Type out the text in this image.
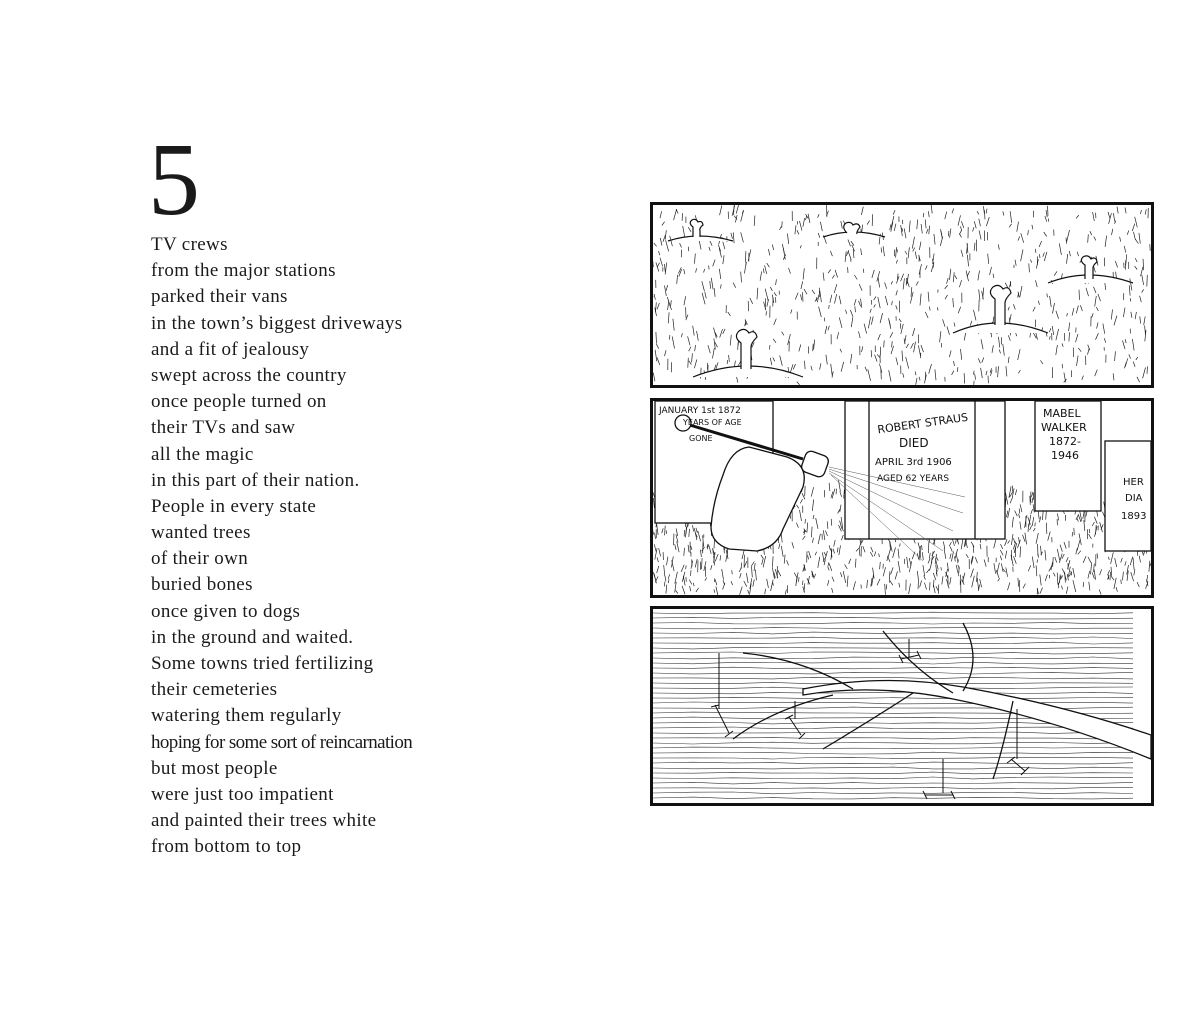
5
TV crews
from the major stations
parked their vans
in the town’s biggest driveways
and a fit of jealousy
swept across the country
once people turned on
their TVs and saw
all the magic
in this part of their nation.
People in every state
wanted trees
of their own
buried bones
once given to dogs
in the ground and waited.
Some towns tried fertilizing
their cemeteries
watering them regularly
hoping for some sort of reincarnation
but most people
were just too impatient
and painted their trees white
from bottom to top
JANUARY 1st 1872
YEARS OF AGE
GONE
ROBERT STRAUS
DIED
APRIL 3rd 1906
AGED 62 YEARS
MABEL
WALKER
1872-
1946
HER
DIA
1893
